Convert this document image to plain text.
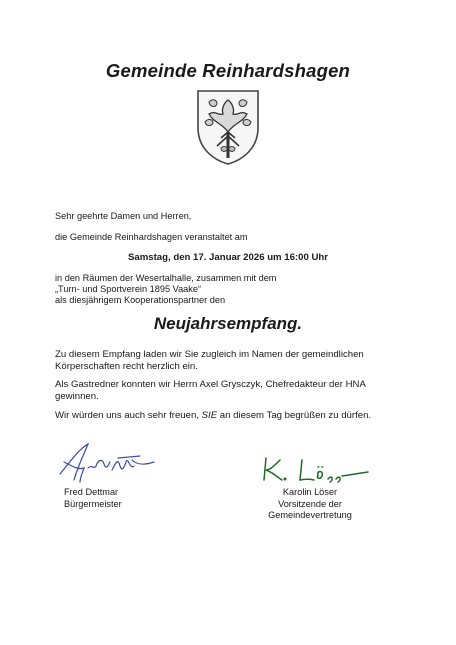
Gemeinde Reinhardshagen
Sehr geehrte Damen und Herren,
die Gemeinde Reinhardshagen veranstaltet am
Samstag, den 17. Januar 2026 um 16:00 Uhr
in den Räumen der Wesertalhalle, zusammen mit dem
„Turn- und Sportverein 1895 Vaake“
als diesjährigem Kooperationspartner den
Neujahrsempfang.
Zu diesem Empfang laden wir Sie zugleich im Namen der gemeindlichen
Körperschaften recht herzlich ein.
Als Gastredner konnten wir Herrn Axel Grysczyk, Chefredakteur der HNA
gewinnen.
Wir würden uns auch sehr freuen, SIE an diesem Tag begrüßen zu dürfen.
Fred Dettmar
Bürgermeister
Karolin Löser
Vorsitzende der
Gemeindevertretung
